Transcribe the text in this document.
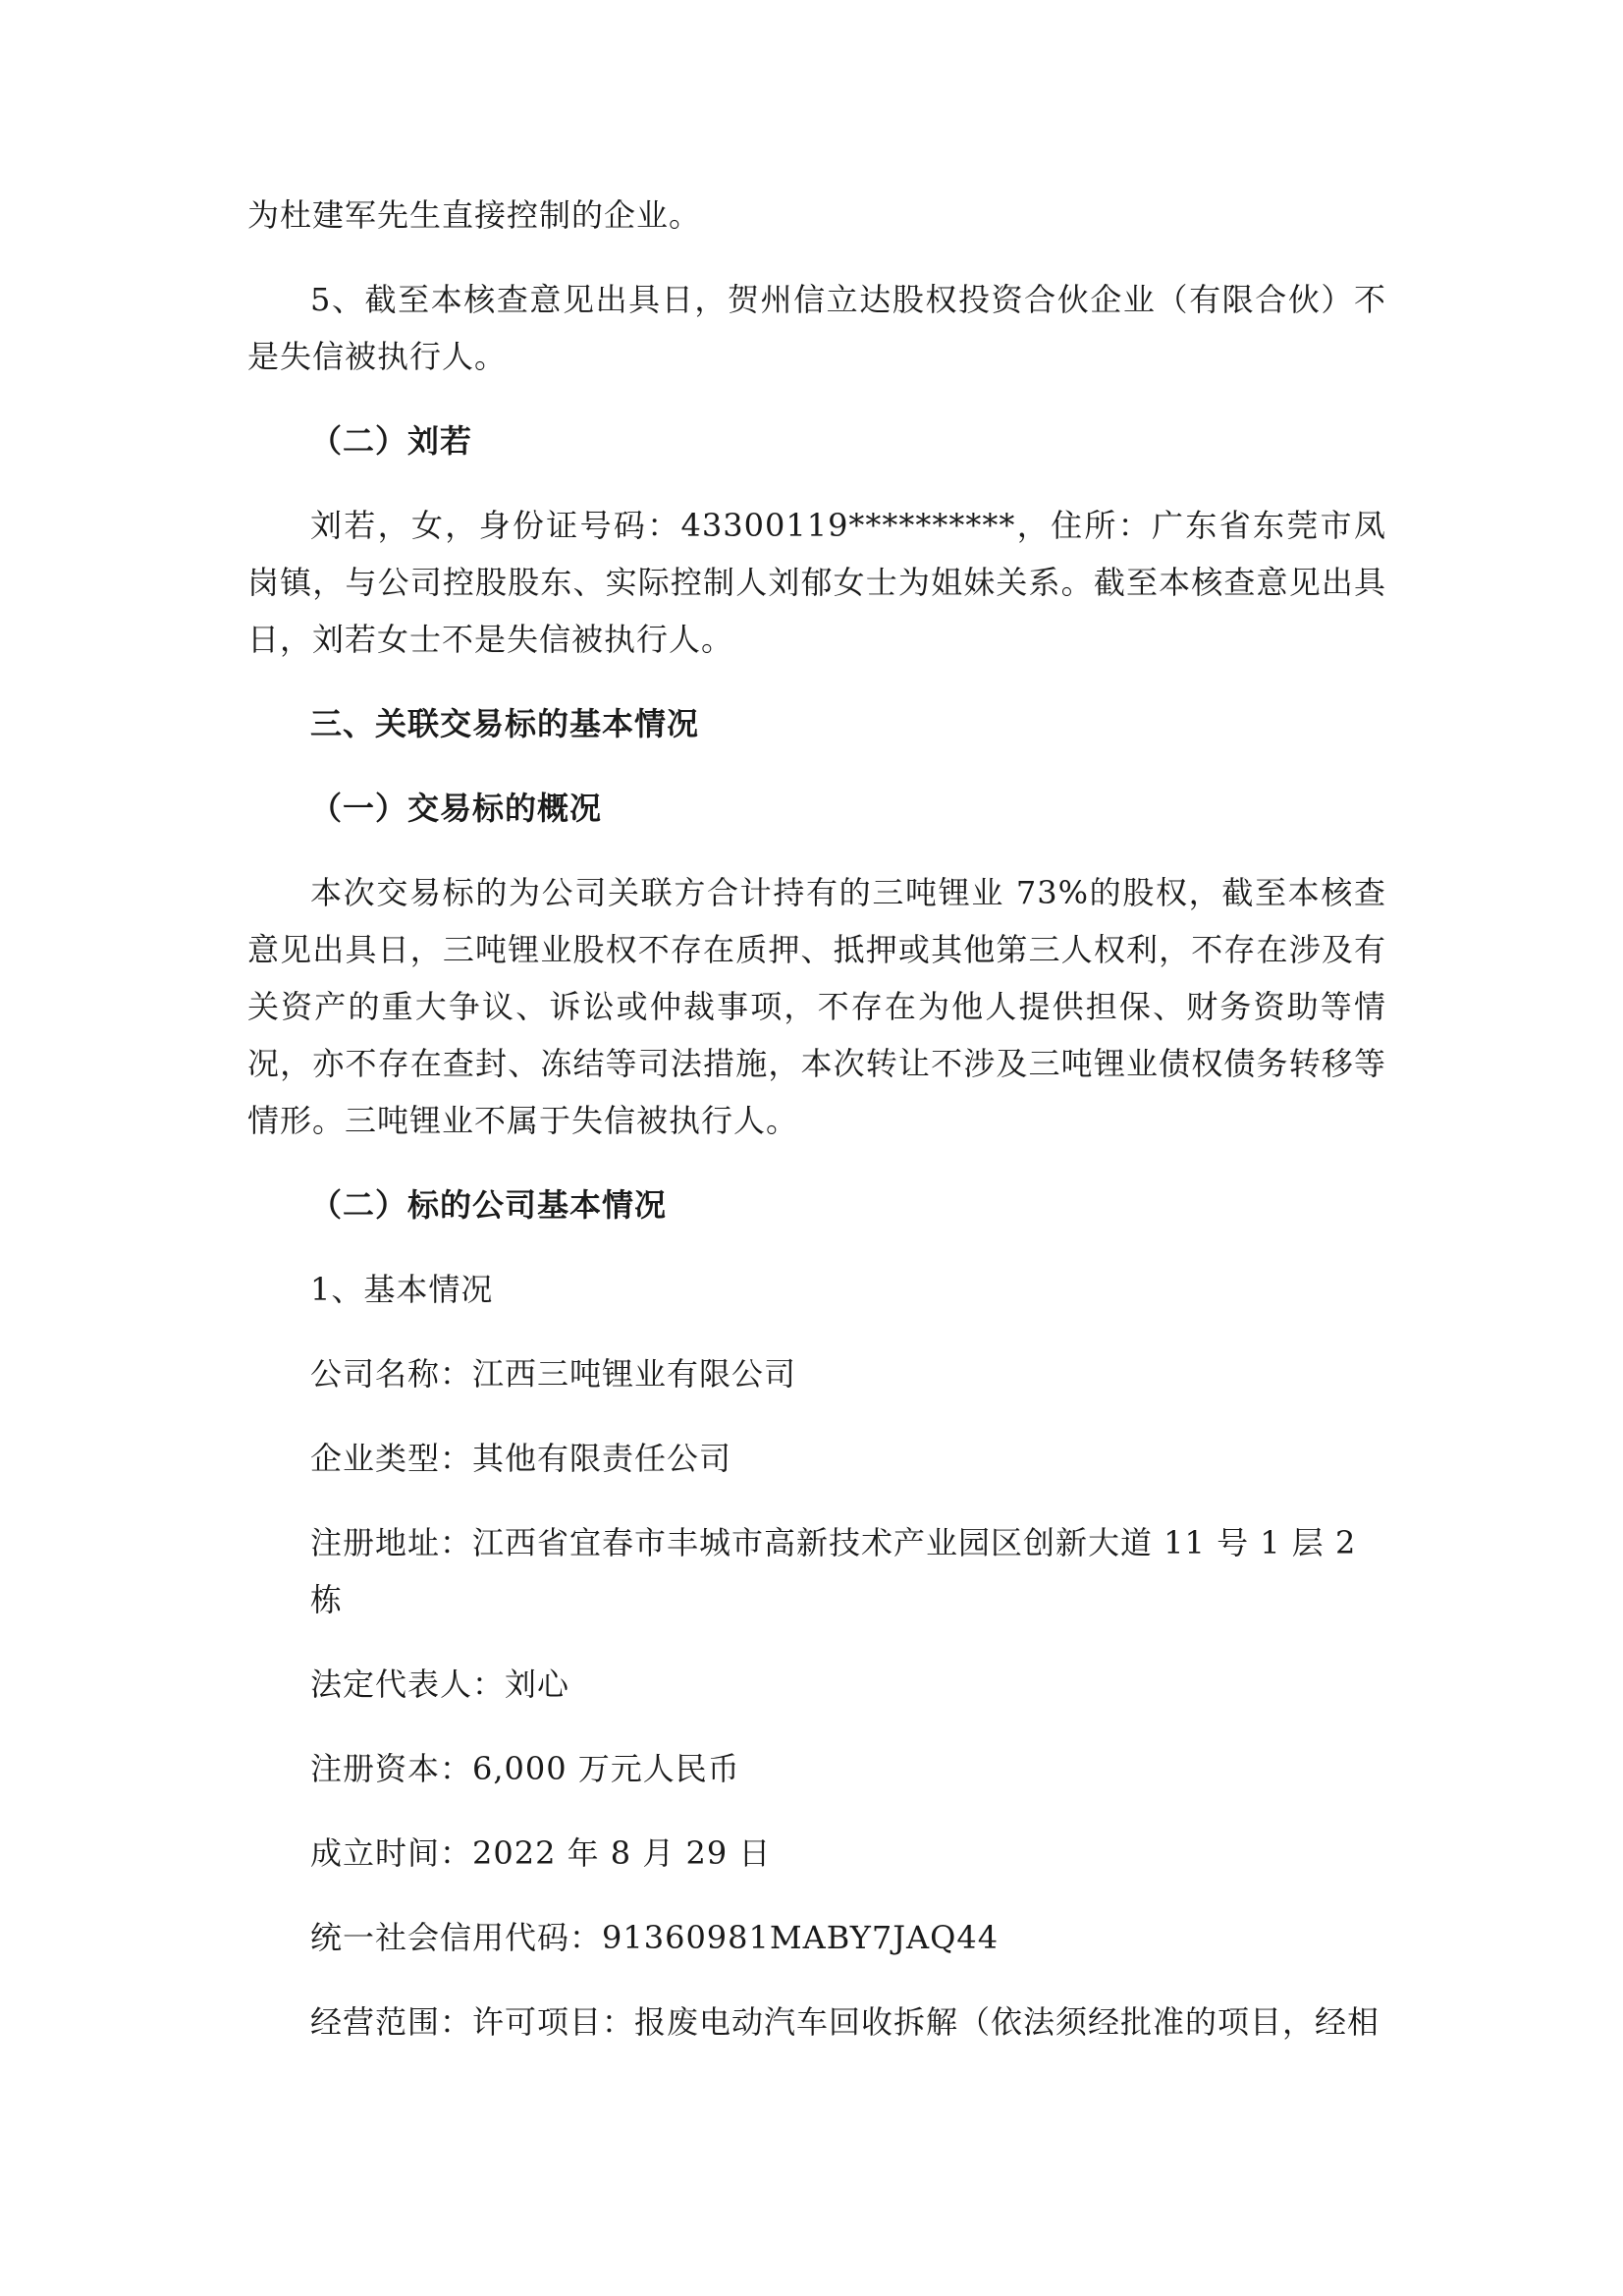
为杜建军先生直接控制的企业。

5、截至本核查意见出具日，贺州信立达股权投资合伙企业（有限合伙）不是失信被执行人。

（二）刘若

刘若，女，身份证号码：43300119**********，住所：广东省东莞市凤岗镇，与公司控股股东、实际控制人刘郁女士为姐妹关系。截至本核查意见出具日，刘若女士不是失信被执行人。

三、关联交易标的基本情况

（一）交易标的概况

本次交易标的为公司关联方合计持有的三吨锂业 73%的股权，截至本核查意见出具日，三吨锂业股权不存在质押、抵押或其他第三人权利，不存在涉及有关资产的重大争议、诉讼或仲裁事项，不存在为他人提供担保、财务资助等情况，亦不存在查封、冻结等司法措施，本次转让不涉及三吨锂业债权债务转移等情形。三吨锂业不属于失信被执行人。

（二）标的公司基本情况

1、基本情况

公司名称：江西三吨锂业有限公司

企业类型：其他有限责任公司

注册地址：江西省宜春市丰城市高新技术产业园区创新大道 11 号 1 层 2 栋

法定代表人：刘心

注册资本：6,000 万元人民币

成立时间：2022 年 8 月 29 日

统一社会信用代码：91360981MABY7JAQ44

经营范围：许可项目：报废电动汽车回收拆解（依法须经批准的项目，经相
